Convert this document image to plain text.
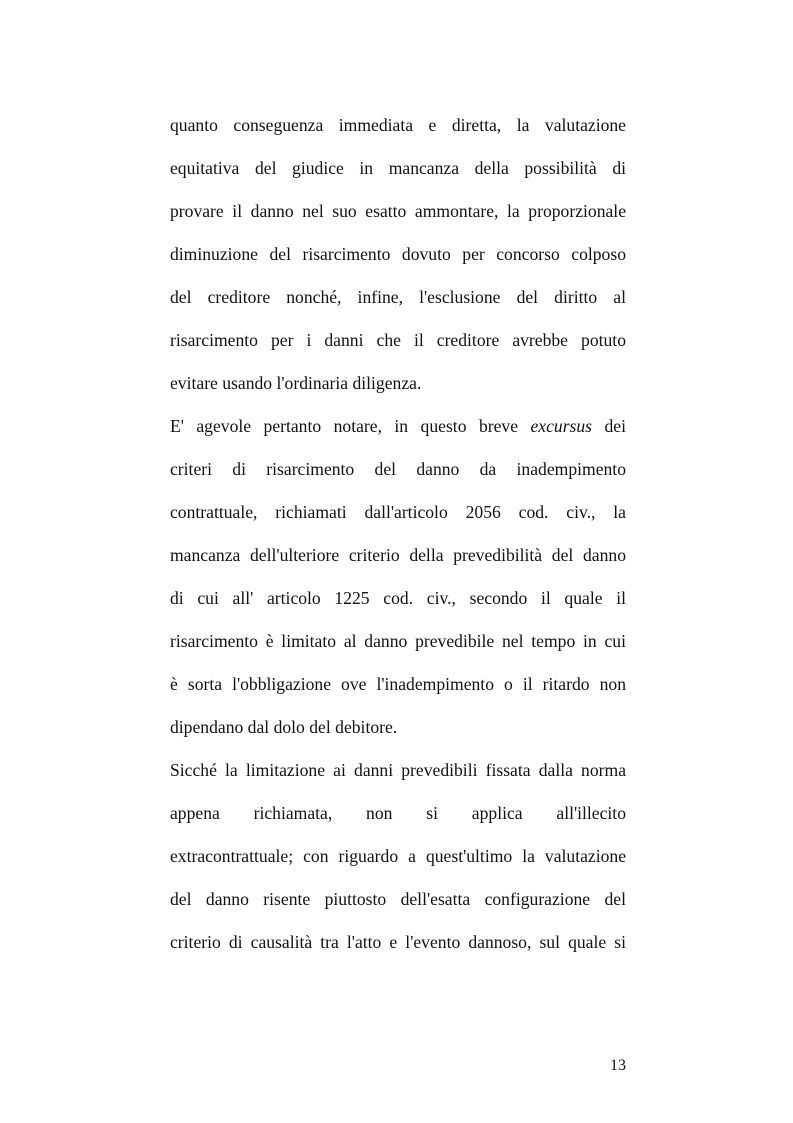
quanto conseguenza immediata e diretta, la valutazione
equitativa del giudice in mancanza della possibilità di
provare il danno nel suo esatto ammontare, la proporzionale
diminuzione del risarcimento dovuto per concorso colposo
del creditore nonché, infine, l'esclusione del diritto al
risarcimento per i danni che il creditore avrebbe potuto
evitare usando l'ordinaria diligenza.

E' agevole pertanto notare, in questo breve excursus dei
criteri di risarcimento del danno da inadempimento
contrattuale, richiamati dall'articolo 2056 cod. civ., la
mancanza dell'ulteriore criterio della prevedibilità del danno
di cui all' articolo 1225 cod. civ., secondo il quale il
risarcimento è limitato al danno prevedibile nel tempo in cui
è sorta l'obbligazione ove l'inadempimento o il ritardo non
dipendano dal dolo del debitore.

Sicché la limitazione ai danni prevedibili fissata dalla norma
appena richiamata, non si applica all'illecito
extracontrattuale; con riguardo a quest'ultimo la valutazione
del danno risente piuttosto dell'esatta configurazione del
criterio di causalità tra l'atto e l'evento dannoso, sul quale si

13
